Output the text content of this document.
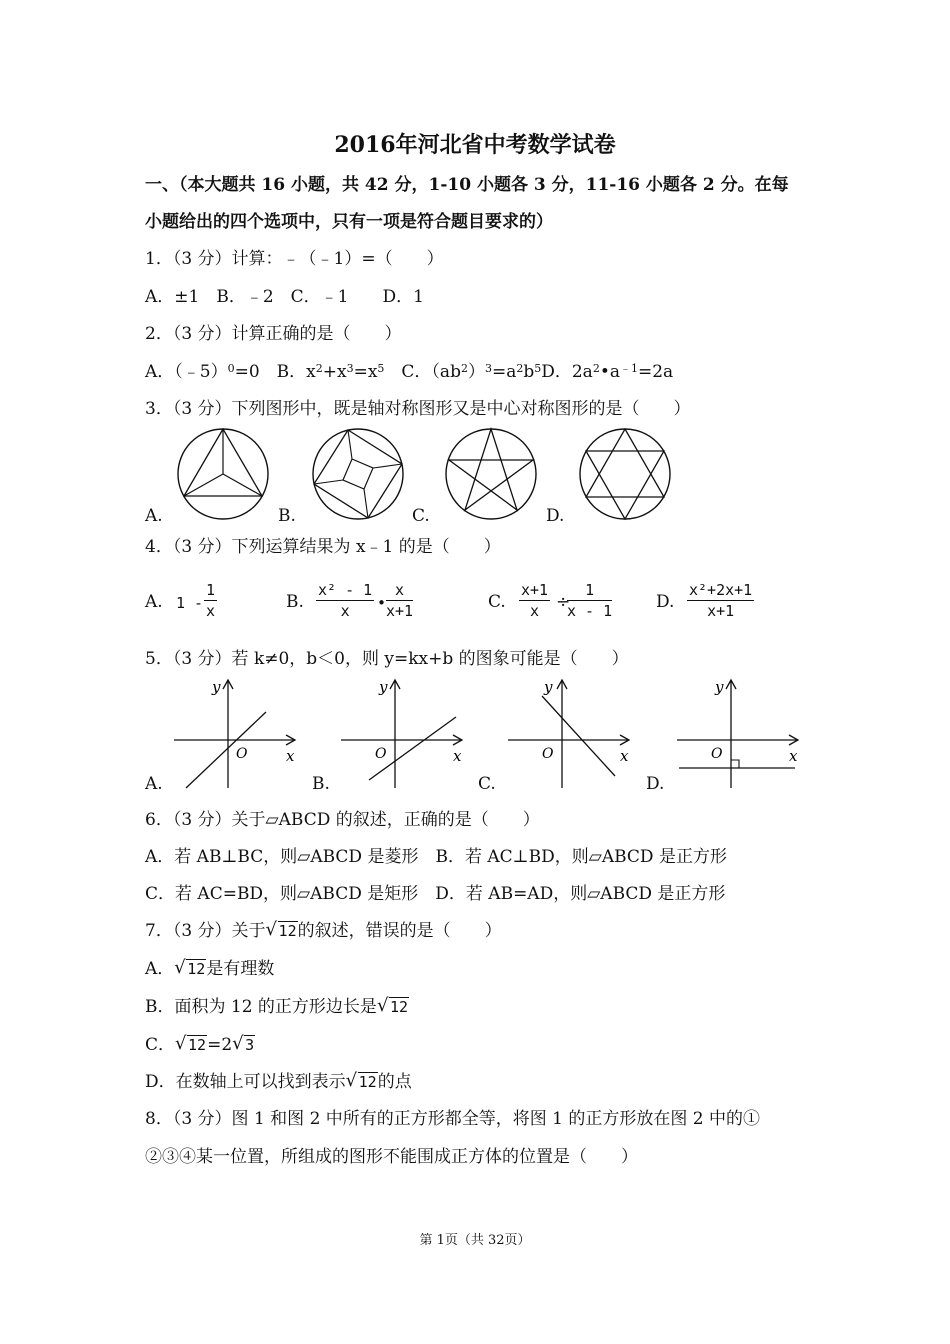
2016年河北省中考数学试卷
一、（本大题共 16 小题，共 42 分，1-10 小题各 3 分，11-16 小题各 2 分。在每
小题给出的四个选项中，只有一项是符合题目要求的）
1．（3 分）计算：﹣（﹣1）=（　　）
A．±1　B．﹣2　C．﹣1　　D．1
2．（3 分）计算正确的是（　　）
A．（﹣5）$^0$=0　B．$x^2+x^3=x^5$　C．$(ab^2)^3=a^2b^5D$．$2a^2•a^{﹣1}=2a$
3．（3 分）下列图形中，既是轴对称图形又是中心对称图形的是（　　）
A.	B.	C.	D.
4．（3 分）下列运算结果为 x﹣1 的是（　　）
A. $1 - \frac{1}{x}$	B. $\frac{\text{x² - 1}}{x}$ • $\frac{x}{x+1}$	C. $\frac{x+1}{x}$ ÷
$\frac{1}{x - 1}$	D. $\frac{\text{x²+2x+1}}{x+1}$
5．（3 分）若 k≠0，b＜0，则 y=kx+b 的图象可能是（　　）
A.
y
O	x
B.
y
O	x
C.
y
O	x
D.
y
O	x
6．（3 分）关于▱ABCD 的叙述，正确的是（　　）
A．若 AB⊥BC，则▱ABCD 是菱形　B．若 AC⊥BD，则▱ABCD 是正方形
C．若 AC=BD，则▱ABCD 是矩形　D．若 AB=AD，则▱ABCD 是正方形
7．（3 分）关于 √ 12的叙述，错误的是（　　）
A． √ 12是有理数
B．面积为 12 的正方形边长是 √ 12
C． √ 12=2 √ 3
D．在数轴上可以找到表示 √ 12的点
8．（3 分）图 1 和图 2 中所有的正方形都全等，将图 1 的正方形放在图 2 中的①
②③④某一位置，所组成的图形不能围成正方体的位置是（　　）
第 1页（共 32页）
